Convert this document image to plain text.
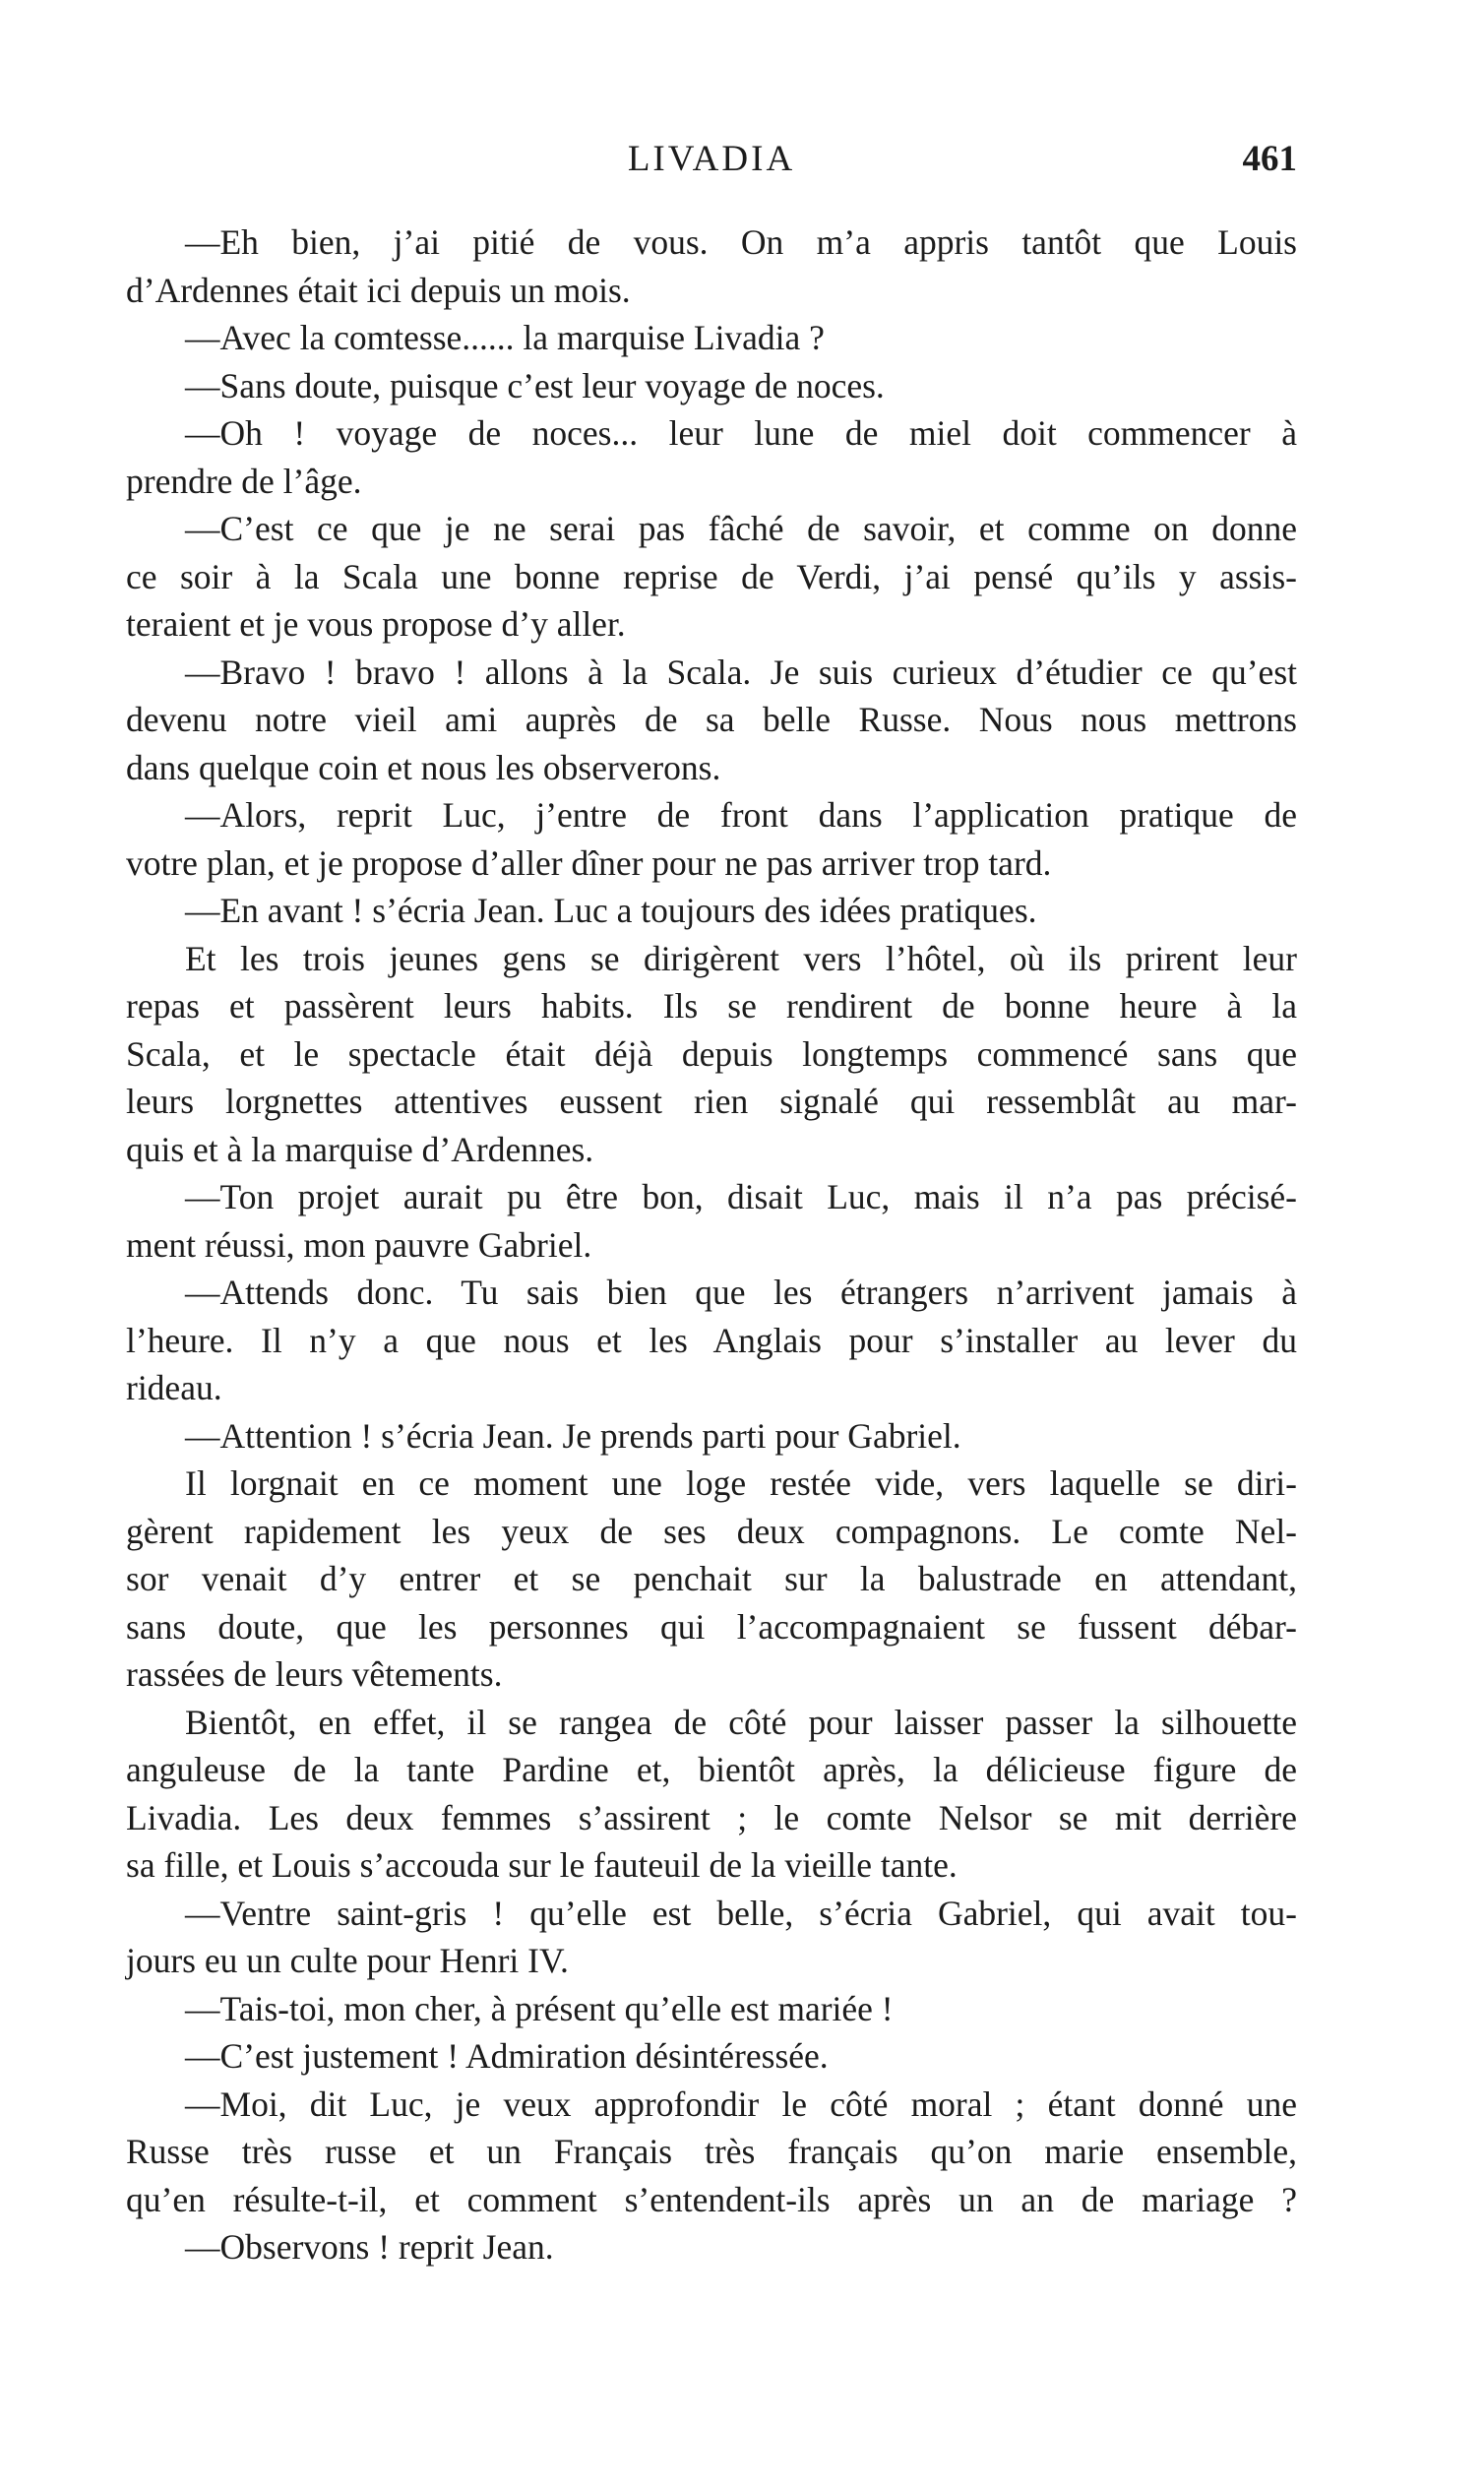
LIVADIA	461
—Eh bien, j’ai pitié de vous. On m’a appris tantôt que Louis
d’Ardennes était ici depuis un mois.
—Avec la comtesse...... la marquise Livadia ?
—Sans doute, puisque c’est leur voyage de noces.
—Oh ! voyage de noces... leur lune de miel doit commencer à
prendre de l’âge.
—C’est ce que je ne serai pas fâché de savoir, et comme on donne
ce soir à la Scala une bonne reprise de Verdi, j’ai pensé qu’ils y assis-
teraient et je vous propose d’y aller.
—Bravo ! bravo ! allons à la Scala. Je suis curieux d’étudier ce qu’est
devenu notre vieil ami auprès de sa belle Russe. Nous nous mettrons
dans quelque coin et nous les observerons.
—Alors, reprit Luc, j’entre de front dans l’application pratique de
votre plan, et je propose d’aller dîner pour ne pas arriver trop tard.
—En avant ! s’écria Jean. Luc a toujours des idées pratiques.
Et les trois jeunes gens se dirigèrent vers l’hôtel, où ils prirent leur
repas et passèrent leurs habits. Ils se rendirent de bonne heure à la
Scala, et le spectacle était déjà depuis longtemps commencé sans que
leurs lorgnettes attentives eussent rien signalé qui ressemblât au mar-
quis et à la marquise d’Ardennes.
—Ton projet aurait pu être bon, disait Luc, mais il n’a pas précisé-
ment réussi, mon pauvre Gabriel.
—Attends donc. Tu sais bien que les étrangers n’arrivent jamais à
l’heure. Il n’y a que nous et les Anglais pour s’installer au lever du
rideau.
—Attention ! s’écria Jean. Je prends parti pour Gabriel.
Il lorgnait en ce moment une loge restée vide, vers laquelle se diri-
gèrent rapidement les yeux de ses deux compagnons. Le comte Nel-
sor venait d’y entrer et se penchait sur la balustrade en attendant,
sans doute, que les personnes qui l’accompagnaient se fussent débar-
rassées de leurs vêtements.
Bientôt, en effet, il se rangea de côté pour laisser passer la silhouette
anguleuse de la tante Pardine et, bientôt après, la délicieuse figure de
Livadia. Les deux femmes s’assirent ; le comte Nelsor se mit derrière
sa fille, et Louis s’accouda sur le fauteuil de la vieille tante.
—Ventre saint-gris ! qu’elle est belle, s’écria Gabriel, qui avait tou-
jours eu un culte pour Henri IV.
—Tais-toi, mon cher, à présent qu’elle est mariée !
—C’est justement ! Admiration désintéressée.
—Moi, dit Luc, je veux approfondir le côté moral ; étant donné une
Russe très russe et un Français très français qu’on marie ensemble,
qu’en résulte-t-il, et comment s’entendent-ils après un an de mariage ?
—Observons ! reprit Jean.
